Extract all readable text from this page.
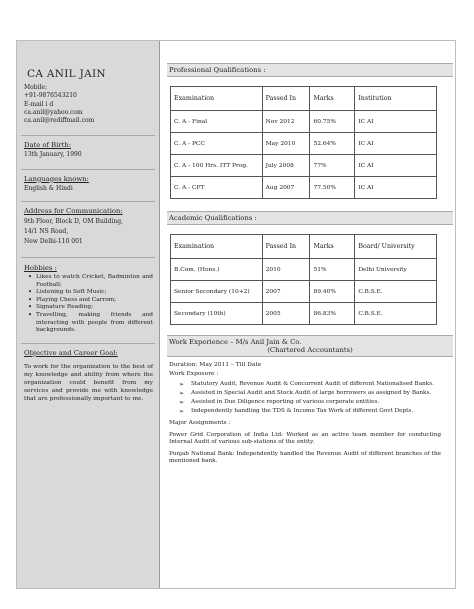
CA ANIL JAIN
Mobile:
+91-9876543210
E-mail i d
ca.anil@yahoo.com
ca.anil@rediffmail.com
Date of Birth:
13th January, 1990
Languages known:
English & Hindi
Address for Communication:
9th Floor, Block D, OM Building,
14/1 NS Road,
New Delhi-110 001
Hobbies :
• Likes to watch Cricket, Badminton and Football;
• Listening to Soft Music;
• Playing Chess and Carrom;
• Signature Reading;
• Travelling, making friends and interacting with people from different backgrounds.
Objective and Career Goal:
To work for the organization to the best of my knowledge and ability from where the organization could benefit from my services and provide me with knowledge that are professionally important to me.
Professional Qualifications :
Examination	Passed In	Marks	Institution
C. A - Final	Nov 2012	60.75%	IC AI
C. A - PCC	May 2010	52.64%	IC AI
C. A - 100 Hrs. ITT Prog.	July 2008	77%	IC AI
C. A - CPT	Aug 2007	77.50%	IC AI
Academic Qualifications :
Examination	Passed In	Marks	Board/ University
B.Com. (Hons.)	2010	51%	Delhi University
Senior Secondary (10+2)	2007	89.40%	C.B.S.E.
Secondary (10th)	2005	86.83%	C.B.S.E.
Work Experience – M/s Anil Jain & Co.
(Chartered Accountants)
Duration: May 2011 – Till Date
Work Exposure :
➢ Statutory Audit, Revenue Audit & Concurrent Audit of different Nationalised Banks.
➢ Assisted in Special Audit and Stock Audit of large borrowers as assigned by Banks.
➢ Assisted in Due Diligence reporting of various corporate entities.
➢ Independently handling the TDS & Income Tax Work of different Govt Depts.
Major Assignments :
Power Grid Corporation of India Ltd: Worked as an active team member for conducting Internal Audit of various sub-stations of the entity.
Punjab National Bank: Independently handled the Revenue Audit of different branches of the mentioned bank.
